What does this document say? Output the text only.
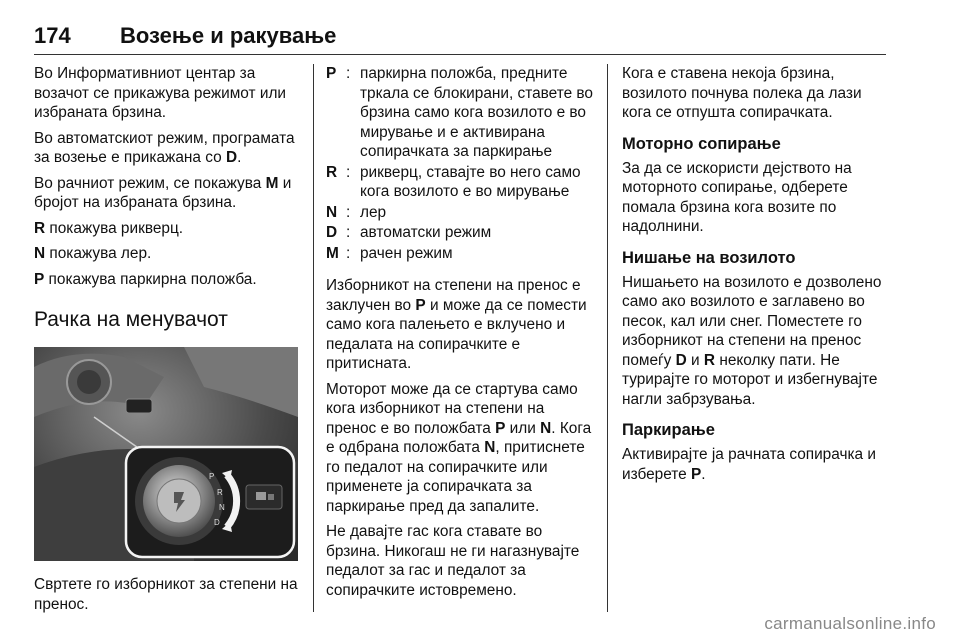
174	Возење и ракување

Во Информативниот центар за возачот се прикажува режимот или избраната брзина.

Во автоматскиот режим, програмата за возење е прикажана со D.

Во рачниот режим, се покажува M и бројот на избраната брзина.

R покажува рикверц.

N покажува лер.

P покажува паркирна положба.

Рачка на менувачот
P
R
N
D

Свртете го изборникот за степени на пренос.

P	:	паркирна положба, предните тркала се блокирани, ставете во брзина само кога возилото е во мирување и е активирана сопирачката за паркирање
R	:	рикверц, ставајте во него само кога возилото е во мирување
N	:	лер
D	:	автоматски режим
M	:	рачен режим

Изборникот на степени на пренос е заклучен во P и може да се помести само кога палењето е вклучено и педалата на сопирачките е притисната.

Моторот може да се стартува само кога изборникот на степени на пренос е во положбата P или N. Кога е одбрана положбата N, притиснете го педалот на сопирачките или применете ја сопирачката за паркирање пред да запалите.

Не давајте гас кога ставате во брзина. Никогаш не ги нагазнувајте педалот за гас и педалот за сопирачките истовремено.

Кога е ставена некоја брзина, возилото почнува полека да лази кога се отпушта сопирачката.

Моторно сопирање

За да се искористи дејството на моторното сопирање, одберете помала брзина кога возите по надолнини.

Нишање на возилото

Нишањето на возилото е дозволено само ако возилото е заглавено во песок, кал или снег. Поместете го изборникот на степени на пренос помеѓу D и R неколку пати. Не турирајте го моторот и избегнувајте нагли забрзувања.

Паркирање

Активирајте ја рачната сопирачка и изберете P.

carmanualsonline.info
